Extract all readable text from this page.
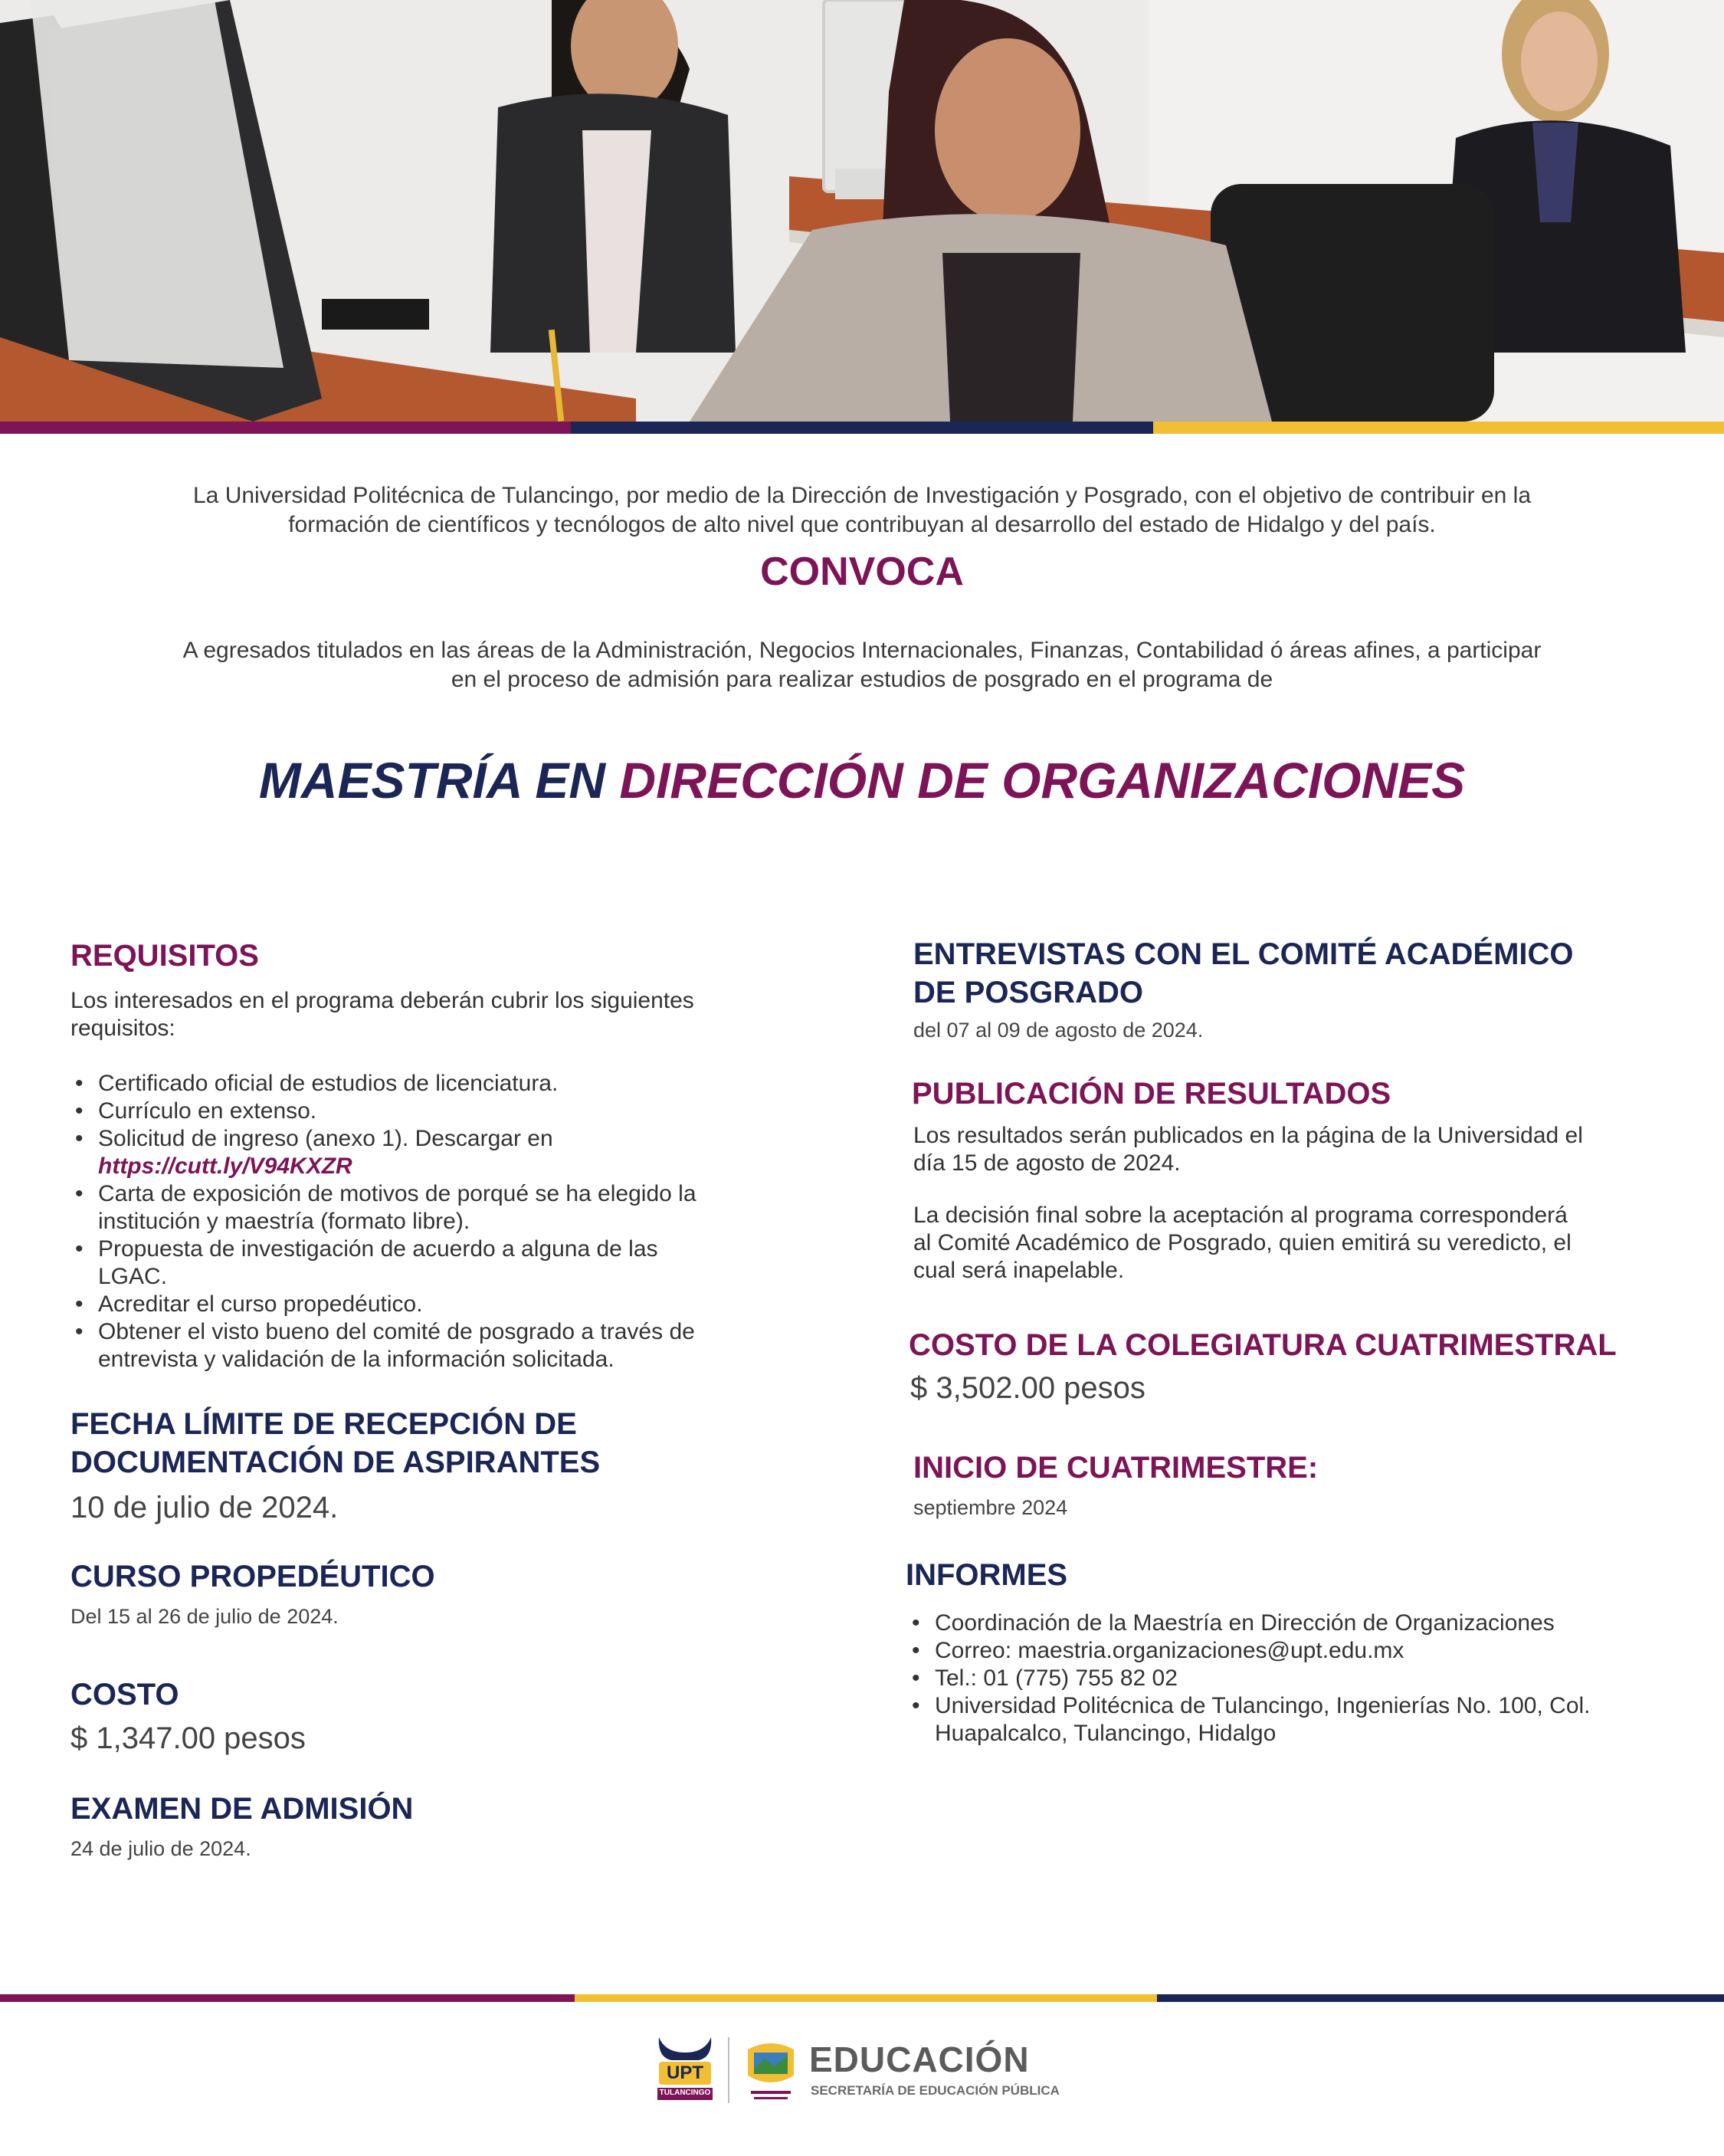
La Universidad Politécnica de Tulancingo, por medio de la Dirección de Investigación y Posgrado, con el objetivo de contribuir en la
formación de científicos y tecnólogos de alto nivel que contribuyan al desarrollo del estado de Hidalgo y del país.
CONVOCA
A egresados titulados en las áreas de la Administración, Negocios Internacionales, Finanzas, Contabilidad ó áreas afines, a participar
en el proceso de admisión para realizar estudios de posgrado en el programa de
MAESTRÍA EN DIRECCIÓN DE ORGANIZACIONES
REQUISITOS
Los interesados en el programa deberán cubrir los siguientes
requisitos:
• Certificado oficial de estudios de licenciatura.
• Currículo en extenso.
• Solicitud de ingreso (anexo 1). Descargar en
https://cutt.ly/V94KXZR
• Carta de exposición de motivos de porqué se ha elegido la
institución y maestría (formato libre).
• Propuesta de investigación de acuerdo a alguna de las
LGAC.
• Acreditar el curso propedéutico.
• Obtener el visto bueno del comité de posgrado a través de
entrevista y validación de la información solicitada.
FECHA LÍMITE DE RECEPCIÓN DE
DOCUMENTACIÓN DE ASPIRANTES
10 de julio de 2024.
CURSO PROPEDÉUTICO
Del 15 al 26 de julio de 2024.
COSTO
$ 1,347.00 pesos
EXAMEN DE ADMISIÓN
24 de julio de 2024.
ENTREVISTAS CON EL COMITÉ ACADÉMICO
DE POSGRADO
del 07 al 09 de agosto de 2024.
PUBLICACIÓN DE RESULTADOS
Los resultados serán publicados en la página de la Universidad el
día 15 de agosto de 2024.
La decisión final sobre la aceptación al programa corresponderá
al Comité Académico de Posgrado, quien emitirá su veredicto, el
cual será inapelable.
COSTO DE LA COLEGIATURA CUATRIMESTRAL
$ 3,502.00 pesos
INICIO DE CUATRIMESTRE:
septiembre 2024
INFORMES
• Coordinación de la Maestría en Dirección de Organizaciones
• Correo: maestria.organizaciones@upt.edu.mx
• Tel.: 01 (775) 755 82 02
• Universidad Politécnica de Tulancingo, Ingenierías No. 100, Col.
Huapalcalco, Tulancingo, Hidalgo
UPT
TULANCINGO
EDUCACIÓN
SECRETARÍA DE EDUCACIÓN PÚBLICA
